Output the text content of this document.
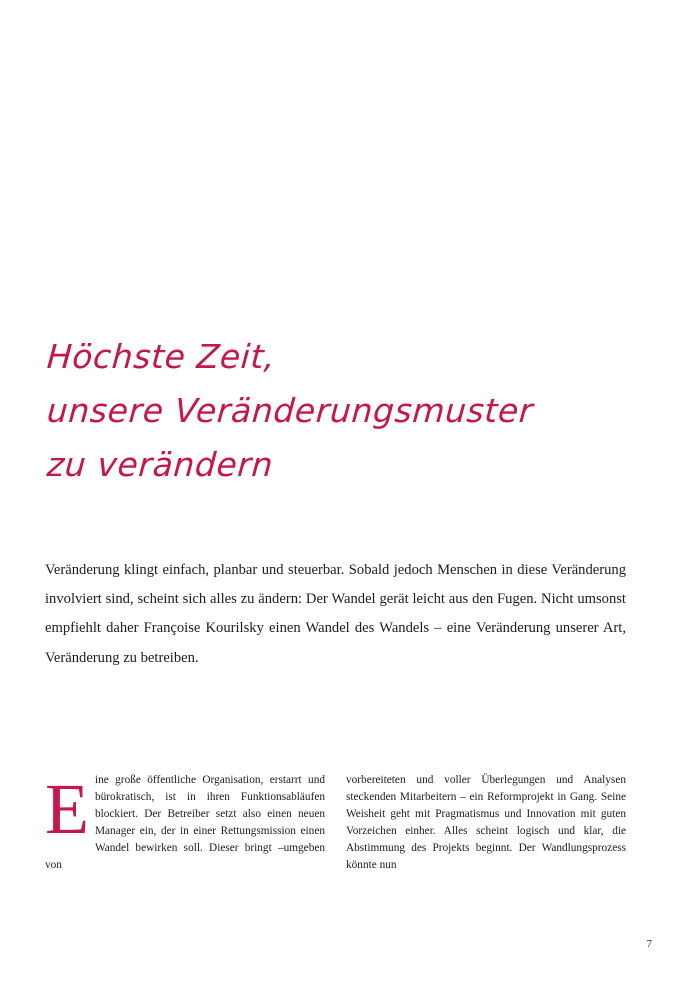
Höchste Zeit,
unsere Veränderungsmuster
zu verändern
Veränderung klingt einfach, planbar und steuerbar. Sobald jedoch Menschen in diese Veränderung involviert sind, scheint sich alles zu ändern: Der Wandel gerät leicht aus den Fugen. Nicht umsonst empfiehlt daher Françoise Kourilsky einen Wandel des Wandels – eine Veränderung unserer Art, Veränderung zu betreiben.

Eine große öffentliche Organisation, erstarrt und bürokratisch, ist in ihren Funktionsabläufen blockiert. Der Betreiber setzt also einen neuen Manager ein, der in einer Rettungsmission einen Wandel bewirken soll. Dieser bringt –umgeben von

vorbereiteten und voller Überlegungen und Analysen steckenden Mitarbeitern – ein Reformprojekt in Gang. Seine Weisheit geht mit Pragmatismus und Innovation mit guten Vorzeichen einher. Alles scheint logisch und klar, die Abstimmung des Projekts beginnt. Der Wandlungsprozess könnte nun

7
